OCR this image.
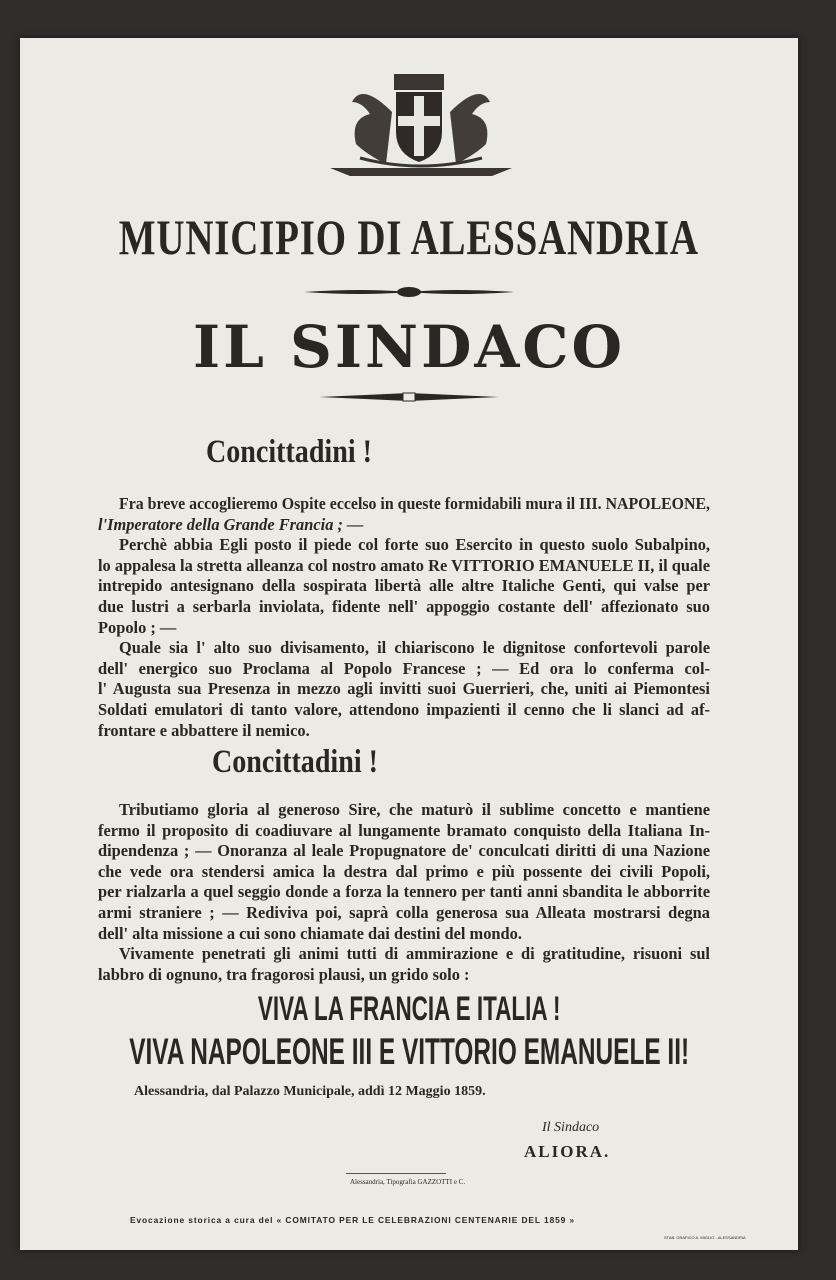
MUNICIPIO DI ALESSANDRIA
IL SINDACO
Concittadini !
Fra breve accoglieremo Ospite eccelso in queste formidabili mura il III. NAPOLEONE,
l'Imperatore della Grande Francia ; —
Perchè abbia Egli posto il piede col forte suo Esercito in questo suolo Subalpino,
lo appalesa la stretta alleanza col nostro amato Re VITTORIO EMANUELE II, il quale
intrepido antesignano della sospirata libertà alle altre Italiche Genti, qui valse per
due lustri a serbarla inviolata, fidente nell' appoggio costante dell' affezionato suo
Popolo ; —
Quale sia l' alto suo divisamento, il chiariscono le dignitose confortevoli parole
dell' energico suo Proclama al Popolo Francese ; — Ed ora lo conferma col-
l' Augusta sua Presenza in mezzo agli invitti suoi Guerrieri, che, uniti ai Piemontesi
Soldati emulatori di tanto valore, attendono impazienti il cenno che li slanci ad af-
frontare e abbattere il nemico.
Concittadini !
Tributiamo gloria al generoso Sire, che maturò il sublime concetto e mantiene
fermo il proposito di coadiuvare al lungamente bramato conquisto della Italiana In-
dipendenza ; — Onoranza al leale Propugnatore de' conculcati diritti di una Nazione
che vede ora stendersi amica la destra dal primo e più possente dei civili Popoli,
per rialzarla a quel seggio donde a forza la tennero per tanti anni sbandita le abborrite
armi straniere ; — Rediviva poi, saprà colla generosa sua Alleata mostrarsi degna
dell' alta missione a cui sono chiamate dai destini del mondo.
Vivamente penetrati gli animi tutti di ammirazione e di gratitudine, risuoni sul
labbro di ognuno, tra fragorosi plausi, un grido solo :
VIVA LA FRANCIA E ITALIA !
VIVA NAPOLEONE III E VITTORIO EMANUELE II!
Alessandria, dal Palazzo Municipale, addì 12 Maggio 1859.
Il Sindaco
ALIORA.
Alessandria, Tipografia GAZZOTTI e C.
Evocazione storica a cura del « COMITATO PER LE CELEBRAZIONI CENTENARIE DEL 1859 »
STAB. GRAFICO A. MIGLIO - ALESSANDRIA
